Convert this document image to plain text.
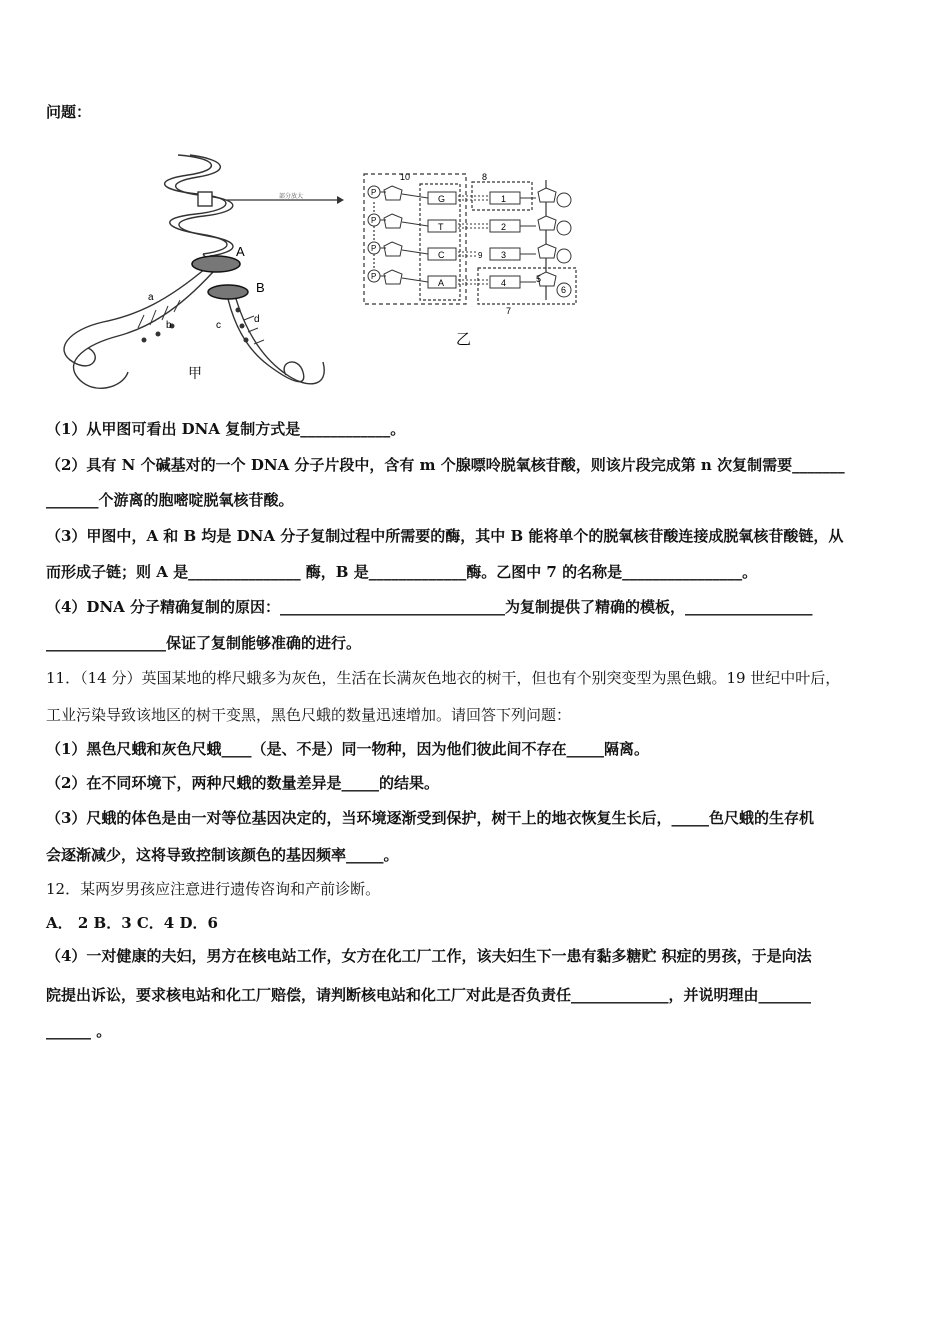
问题：
A
B
a
b	c
d
甲
部分放大
10	8
7
P
G	1
P
T	2
P
C	9 3
P
A	4	5
6
乙
（1）从甲图可看出 DNA 复制方式是____________。
（2）具有 N 个碱基对的一个 DNA 分子片段中，含有 m 个腺嘌呤脱氧核苷酸，则该片段完成第 n 次复制需要_______
_______个游离的胞嘧啶脱氧核苷酸。
（3）甲图中，A 和 B 均是 DNA 分子复制过程中所需要的酶，其中 B 能将单个的脱氧核苷酸连接成脱氧核苷酸链，从
而形成子链；则 A 是_______________ 酶，B 是_____________酶。乙图中 7 的名称是________________。
（4）DNA 分子精确复制的原因：______________________________为复制提供了精确的模板，_________________
________________保证了复制能够准确的进行。
11．（14 分）英国某地的桦尺蛾多为灰色，生活在长满灰色地衣的树干，但也有个别突变型为黑色蛾。19 世纪中叶后，
工业污染导致该地区的树干变黑，黑色尺蛾的数量迅速增加。请回答下列问题：
（1）黑色尺蛾和灰色尺蛾____（是、不是）同一物种，因为他们彼此间不存在_____隔离。
（2）在不同环境下，两种尺蛾的数量差异是_____的结果。
（3）尺蛾的体色是由一对等位基因决定的，当环境逐渐受到保护，树干上的地衣恢复生长后，_____色尺蛾的生存机
会逐渐减少，这将导致控制该颜色的基因频率_____。
12．某两岁男孩应注意进行遗传咨询和产前诊断。
A． 2 B．3 C．4 D．6
（4）一对健康的夫妇，男方在核电站工作，女方在化工厂工作，该夫妇生下一患有黏多糖贮 积症的男孩，于是向法
院提出诉讼，要求核电站和化工厂赔偿，请判断核电站和化工厂对此是否负责任_____________，并说明理由_______
______ 。
